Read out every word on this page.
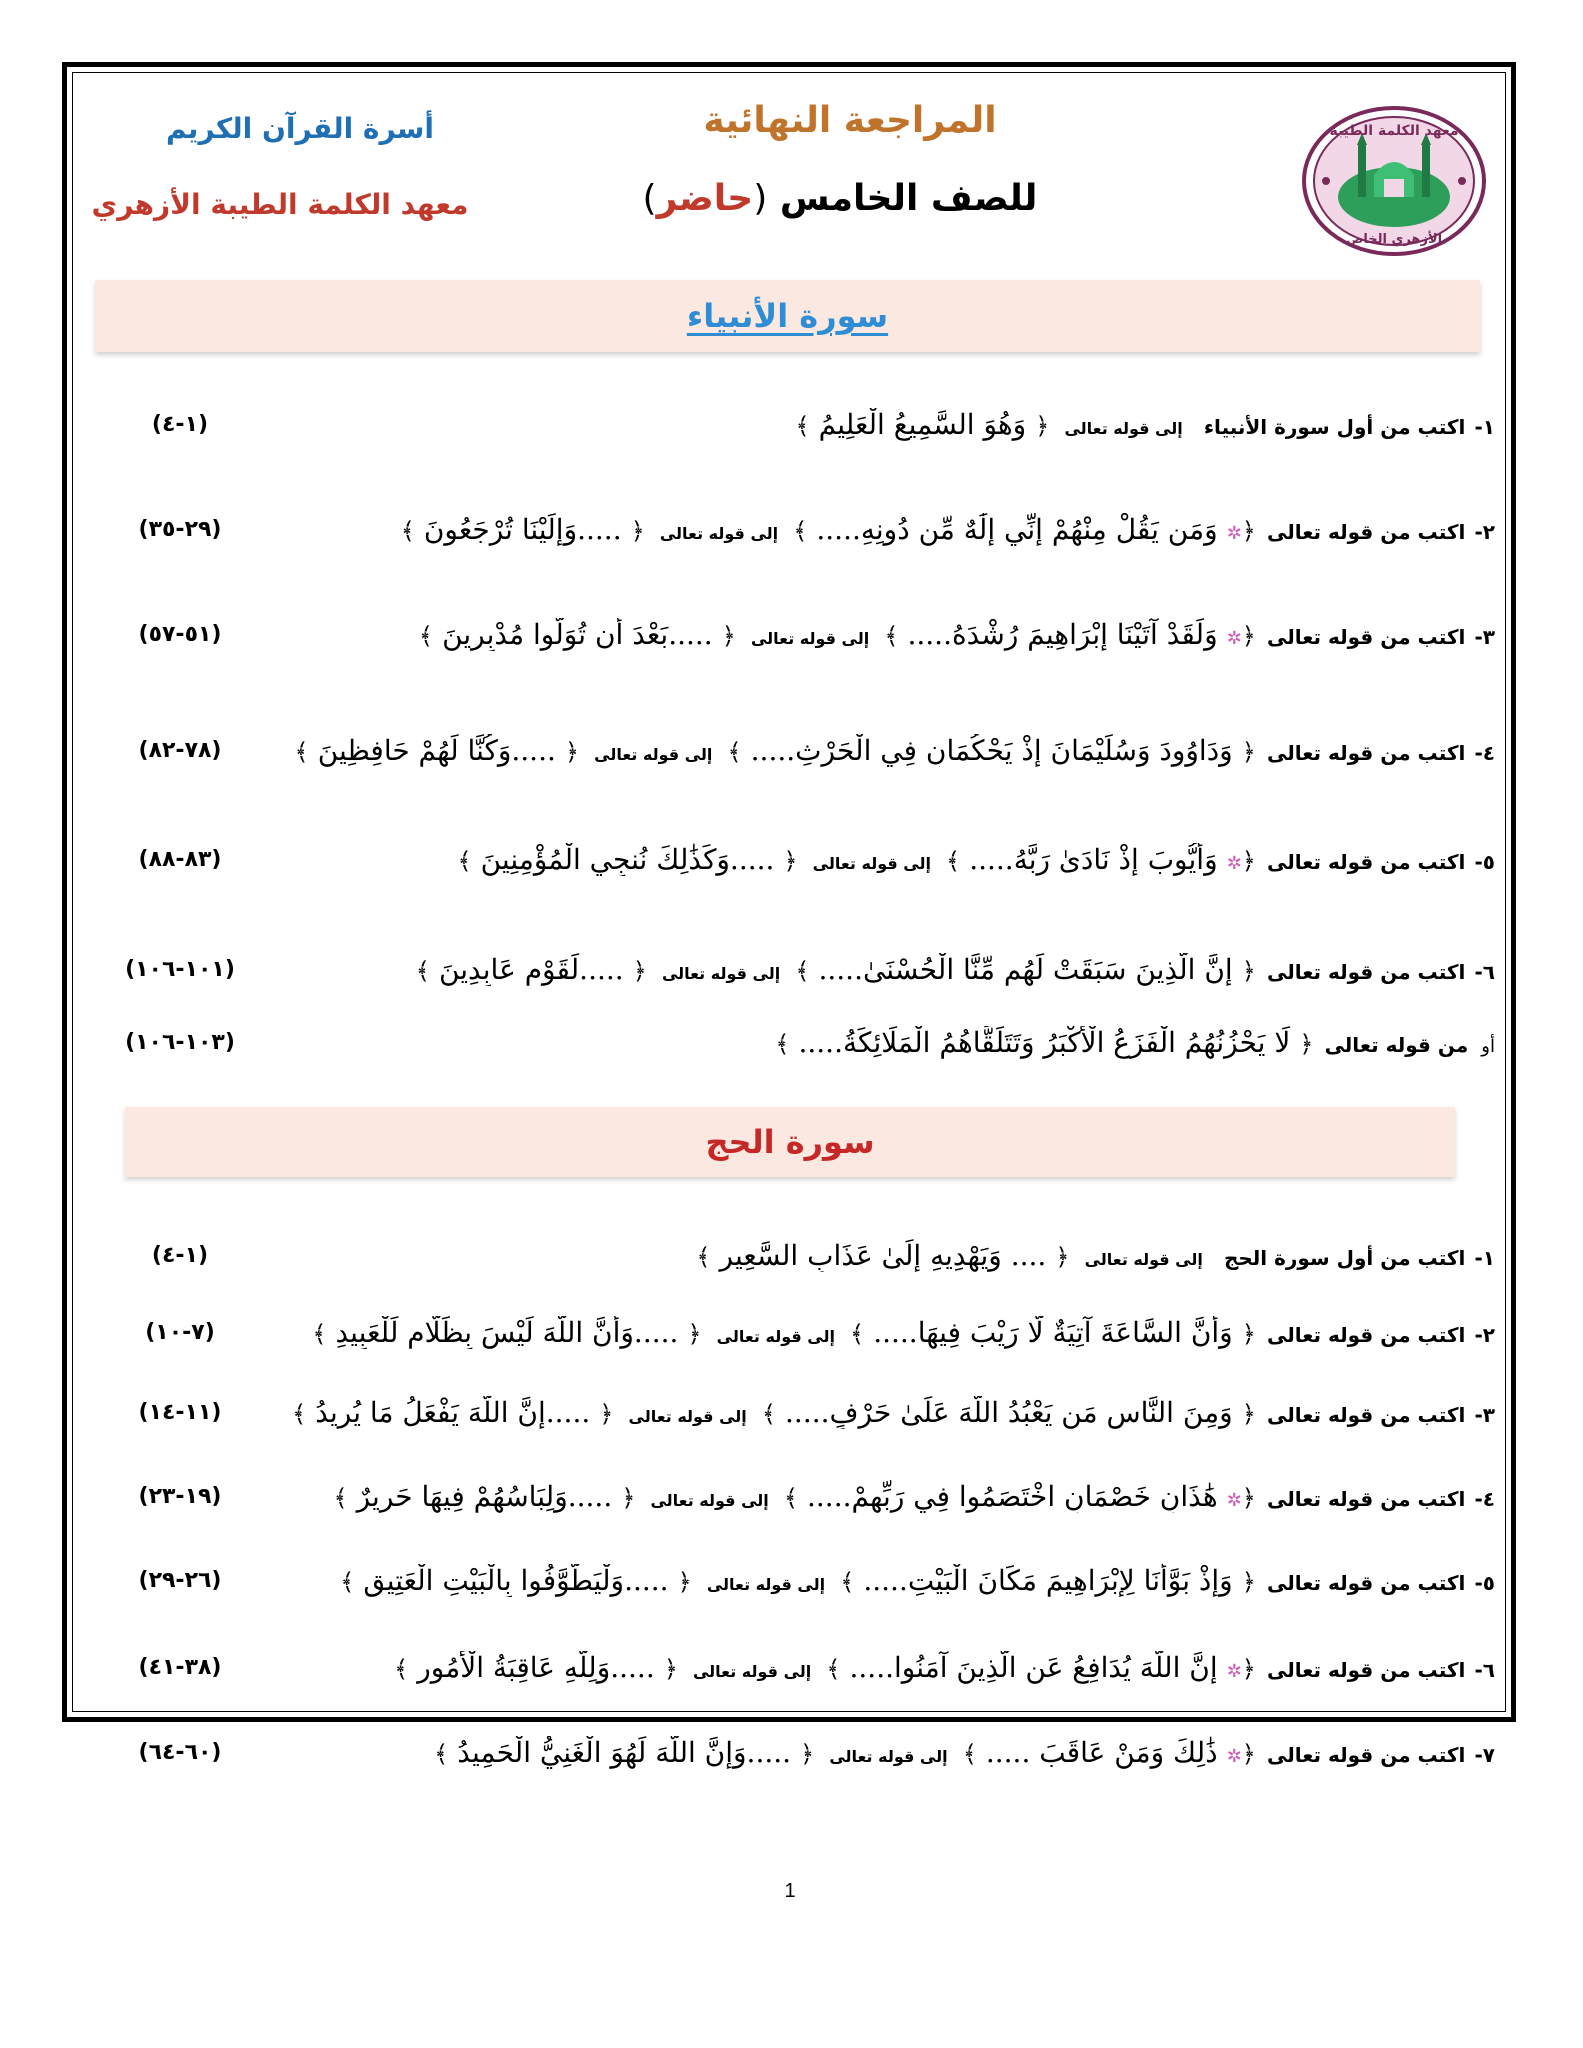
معهد الكلمة الطيبة
الأزهري الخاص
المراجعة النهائية
للصف الخامس (حاضر)
أسرة القرآن الكريم
معهد الكلمة الطيبة الأزهري
سورة الأنبياء
١- اكتب من أول سورة الأنبياء إلى قوله تعالى ﴿ وَهُوَ السَّمِيعُ الْعَلِيمُ ﴾
(١-٤)
٢- اكتب من قوله تعالى ﴿✲ وَمَن يَقُلْ مِنْهُمْ إِنِّي إِلَٰهٌ مِّن دُونِهِ..... ﴾ إلى قوله تعالى ﴿ .....وَإِلَيْنَا تُرْجَعُونَ ﴾
(٢٩-٣٥)
٣- اكتب من قوله تعالى ﴿✲ وَلَقَدْ آتَيْنَا إِبْرَاهِيمَ رُشْدَهُ..... ﴾ إلى قوله تعالى ﴿ .....بَعْدَ أَن تُوَلُّوا مُدْبِرِينَ ﴾
(٥١-٥٧)
٤- اكتب من قوله تعالى ﴿ وَدَاوُودَ وَسُلَيْمَانَ إِذْ يَحْكُمَانِ فِي الْحَرْثِ..... ﴾ إلى قوله تعالى ﴿ .....وَكُنَّا لَهُمْ حَافِظِينَ ﴾
(٧٨-٨٢)
٥- اكتب من قوله تعالى ﴿✲ وَأَيُّوبَ إِذْ نَادَىٰ رَبَّهُ..... ﴾ إلى قوله تعالى ﴿ .....وَكَذَٰلِكَ نُنجِي الْمُؤْمِنِينَ ﴾
(٨٣-٨٨)
٦- اكتب من قوله تعالى ﴿ إِنَّ الَّذِينَ سَبَقَتْ لَهُم مِّنَّا الْحُسْنَىٰ..... ﴾ إلى قوله تعالى ﴿ .....لِّقَوْمٍ عَابِدِينَ ﴾
(١٠١-١٠٦)
أو من قوله تعالى ﴿ لَا يَحْزُنُهُمُ الْفَزَعُ الْأَكْبَرُ وَتَتَلَقَّاهُمُ الْمَلَائِكَةُ..... ﴾
(١٠٣-١٠٦)
سورة الحج
١- اكتب من أول سورة الحج إلى قوله تعالى ﴿ .... وَيَهْدِيهِ إِلَىٰ عَذَابِ السَّعِيرِ ﴾
(١-٤)
٢- اكتب من قوله تعالى ﴿ وَأَنَّ السَّاعَةَ آتِيَةٌ لَّا رَيْبَ فِيهَا..... ﴾ إلى قوله تعالى ﴿ .....وَأَنَّ اللَّهَ لَيْسَ بِظَلَّامٍ لِّلْعَبِيدِ ﴾
(٧-١٠)
٣- اكتب من قوله تعالى ﴿ وَمِنَ النَّاسِ مَن يَعْبُدُ اللَّهَ عَلَىٰ حَرْفٍ..... ﴾ إلى قوله تعالى ﴿ .....إِنَّ اللَّهَ يَفْعَلُ مَا يُرِيدُ ﴾
(١١-١٤)
٤- اكتب من قوله تعالى ﴿✲ هَٰذَانِ خَصْمَانِ اخْتَصَمُوا فِي رَبِّهِمْ..... ﴾ إلى قوله تعالى ﴿ .....وَلِبَاسُهُمْ فِيهَا حَرِيرٌ ﴾
(١٩-٢٣)
٥- اكتب من قوله تعالى ﴿ وَإِذْ بَوَّأْنَا لِإِبْرَاهِيمَ مَكَانَ الْبَيْتِ..... ﴾ إلى قوله تعالى ﴿ .....وَلْيَطَّوَّفُوا بِالْبَيْتِ الْعَتِيقِ ﴾
(٢٦-٢٩)
٦- اكتب من قوله تعالى ﴿✲ إِنَّ اللَّهَ يُدَافِعُ عَنِ الَّذِينَ آمَنُوا..... ﴾ إلى قوله تعالى ﴿ .....وَلِلَّهِ عَاقِبَةُ الْأُمُورِ ﴾
(٣٨-٤١)
٧- اكتب من قوله تعالى ﴿✲ ذَٰلِكَ وَمَنْ عَاقَبَ ..... ﴾ إلى قوله تعالى ﴿ .....وَإِنَّ اللَّهَ لَهُوَ الْغَنِيُّ الْحَمِيدُ ﴾
(٦٠-٦٤)
1
